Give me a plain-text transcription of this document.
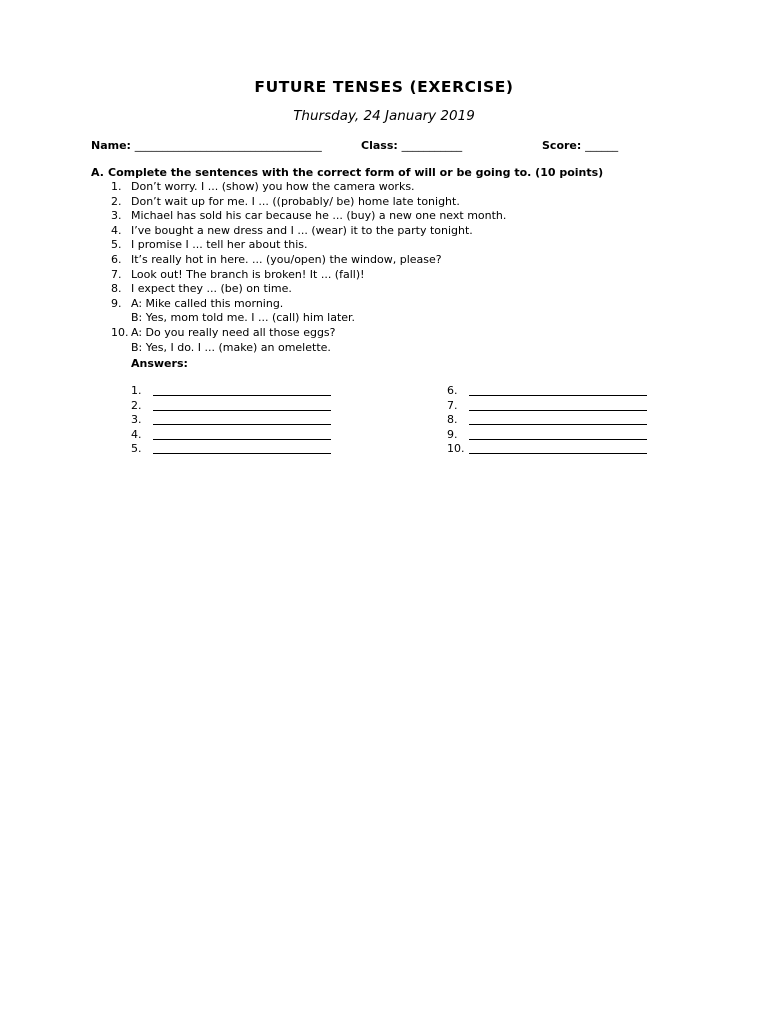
FUTURE TENSES (EXERCISE)
Thursday, 24 January 2019
Name: __________________________________	Class: ___________	Score: ______
A. Complete the sentences with the correct form of will or be going to. (10 points)
1. Don’t worry. I ... (show) you how the camera works.
2. Don’t wait up for me. I ... ((probably/ be) home late tonight.
3. Michael has sold his car because he ... (buy) a new one next month.
4. I’ve bought a new dress and I ... (wear) it to the party tonight.
5. I promise I ... tell her about this.
6. It’s really hot in here. ... (you/open) the window, please?
7. Look out! The branch is broken! It ... (fall)!
8. I expect they ... (be) on time.
9. A: Mike called this morning.
B: Yes, mom told me. I ... (call) him later.
10. A: Do you really need all those eggs?
B: Yes, I do. I ... (make) an omelette.
Answers:
1.
2.
3.
4.
5.
6.
7.
8.
9.
10.
